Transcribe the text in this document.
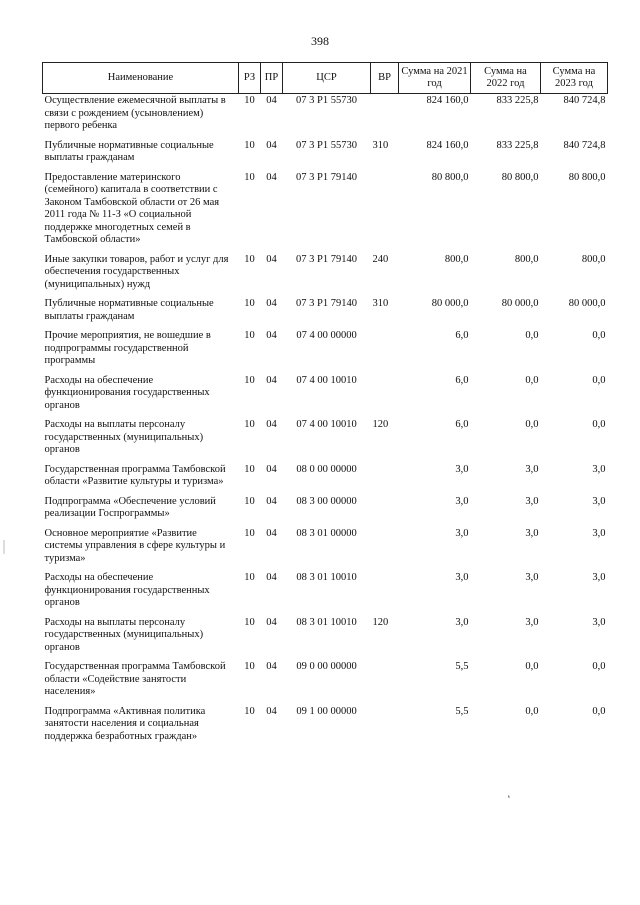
398
Наименование	РЗ	ПР	ЦСР	ВР	Сумма на 2021 год	Сумма на 2022 год	Сумма на 2023 год
Осуществление ежемесячной выплаты в связи с рождением (усыновлением) первого ребенка	10	04	07 3 P1 55730		824 160,0	833 225,8	840 724,8
Публичные нормативные социальные выплаты гражданам	10	04	07 3 P1 55730	310	824 160,0	833 225,8	840 724,8
Предоставление материнского (семейного) капитала в соответствии с Законом Тамбовской области от 26 мая 2011 года № 11-З «О социальной поддержке многодетных семей в Тамбовской области»	10	04	07 3 P1 79140		80 800,0	80 800,0	80 800,0
Иные закупки товаров, работ и услуг для обеспечения государственных (муниципальных) нужд	10	04	07 3 P1 79140	240	800,0	800,0	800,0
Публичные нормативные социальные выплаты гражданам	10	04	07 3 P1 79140	310	80 000,0	80 000,0	80 000,0
Прочие мероприятия, не вошедшие в подпрограммы государственной программы	10	04	07 4 00 00000		6,0	0,0	0,0
Расходы на обеспечение функционирования государственных органов	10	04	07 4 00 10010		6,0	0,0	0,0
Расходы на выплаты персоналу государственных (муниципальных) органов	10	04	07 4 00 10010	120	6,0	0,0	0,0
Государственная программа Тамбовской области «Развитие культуры и туризма»	10	04	08 0 00 00000		3,0	3,0	3,0
Подпрограмма «Обеспечение условий реализации Госпрограммы»	10	04	08 3 00 00000		3,0	3,0	3,0
Основное мероприятие «Развитие системы управления в сфере культуры и туризма»	10	04	08 3 01 00000		3,0	3,0	3,0
Расходы на обеспечение функционирования государственных органов	10	04	08 3 01 10010		3,0	3,0	3,0
Расходы на выплаты персоналу государственных (муниципальных) органов	10	04	08 3 01 10010	120	3,0	3,0	3,0
Государственная программа Тамбовской области «Содействие занятости населения»	10	04	09 0 00 00000		5,5	0,0	0,0
Подпрограмма «Активная политика занятости населения и социальная поддержка безработных граждан»	10	04	09 1 00 00000		5,5	0,0	0,0
‘
